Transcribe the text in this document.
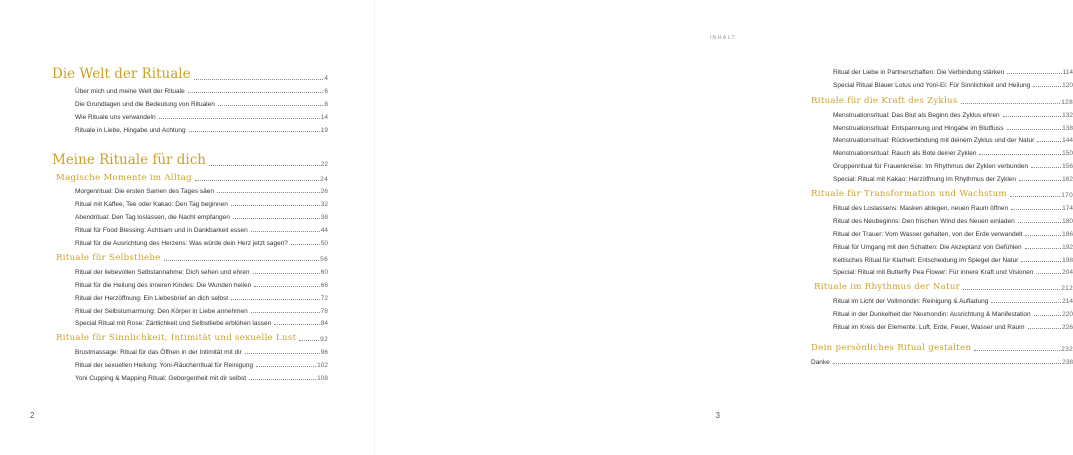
Die Welt der Rituale	4
Über mich und meine Welt der Rituale	6
Die Grundlagen und die Bedeutung von Ritualen	8
Wie Rituale uns verwandeln	14
Rituale in Liebe, Hingabe und Achtung	19
Meine Rituale für dich	22
Magische Momente im Alltag	24
Morgenritual: Die ersten Samen des Tages säen	26
Ritual mit Kaffee, Tee oder Kakao: Den Tag beginnen	32
Abendritual: Den Tag loslassen, die Nacht empfangen	38
Ritual für Food Blessing: Achtsam und in Dankbarkeit essen	44
Ritual für die Ausrichtung des Herzens: Was würde dein Herz jetzt sagen?	50
Rituale für Selbstliebe	56
Ritual der liebevollen Selbstannahme: Dich sehen und ehren	60
Ritual für die Heilung des inneren Kindes: Die Wunden heilen	66
Ritual der Herzöffnung: Ein Liebesbrief an dich selbst	72
Ritual der Selbstumarmung: Den Körper in Liebe annehmen	78
Special Ritual mit Rose: Zärtlichkeit und Selbstliebe erblühen lassen	84
Rituale für Sinnlichkeit, Intimität und sexuelle Lust	92
Brustmassage: Ritual für das Öffnen in der Intimität mit dir	96
Ritual der sexuellen Heilung: Yoni-Räucherritual für Reinigung	102
Yoni Cupping & Mapping Ritual: Geborgenheit mit dir selbst	108
2
INHALT
Ritual der Liebe in Partnerschaften: Die Verbindung stärken	114
Special Ritual Blauer Lotus und Yoni-Ei: Für Sinnlichkeit und Heilung	120
Rituale für die Kraft des Zyklus	128
Menstruationsritual: Das Blut als Beginn des Zyklus ehren	132
Menstruationsritual: Entspannung und Hingabe im Blutfluss	138
Menstruationsritual: Rückverbindung mit deinem Zyklus und der Natur	144
Menstruationsritual: Rauch als Bote deiner Zyklen	150
Gruppenritual für Frauenkreise: Im Rhythmus der Zyklen verbunden	156
Special: Ritual mit Kakao: Herzöffnung im Rhythmus der Zyklen	162
Rituale für Transformation und Wachstum	170
Ritual des Loslassens: Masken ablegen, neuen Raum öffnen	174
Ritual des Neubeginns: Den frischen Wind des Neuen einladen	180
Ritual der Trauer: Vom Wasser gehalten, von der Erde verwandelt	186
Ritual für Umgang mit den Schatten: Die Akzeptanz von Gefühlen	192
Keltisches Ritual für Klarheit: Entscheidung im Spiegel der Natur	198
Special: Ritual mit Butterfly Pea Flower: Für innere Kraft und Visionen	204
Rituale im Rhythmus der Natur	212
Ritual im Licht der Vollmondin: Reinigung & Aufladung	214
Ritual in der Dunkelheit der Neumondin: Ausrichtung & Manifestation	220
Ritual im Kreis der Elemente: Luft, Erde, Feuer, Wasser und Raum	226
Dein persönliches Ritual gestalten	232
Danke	238
3
